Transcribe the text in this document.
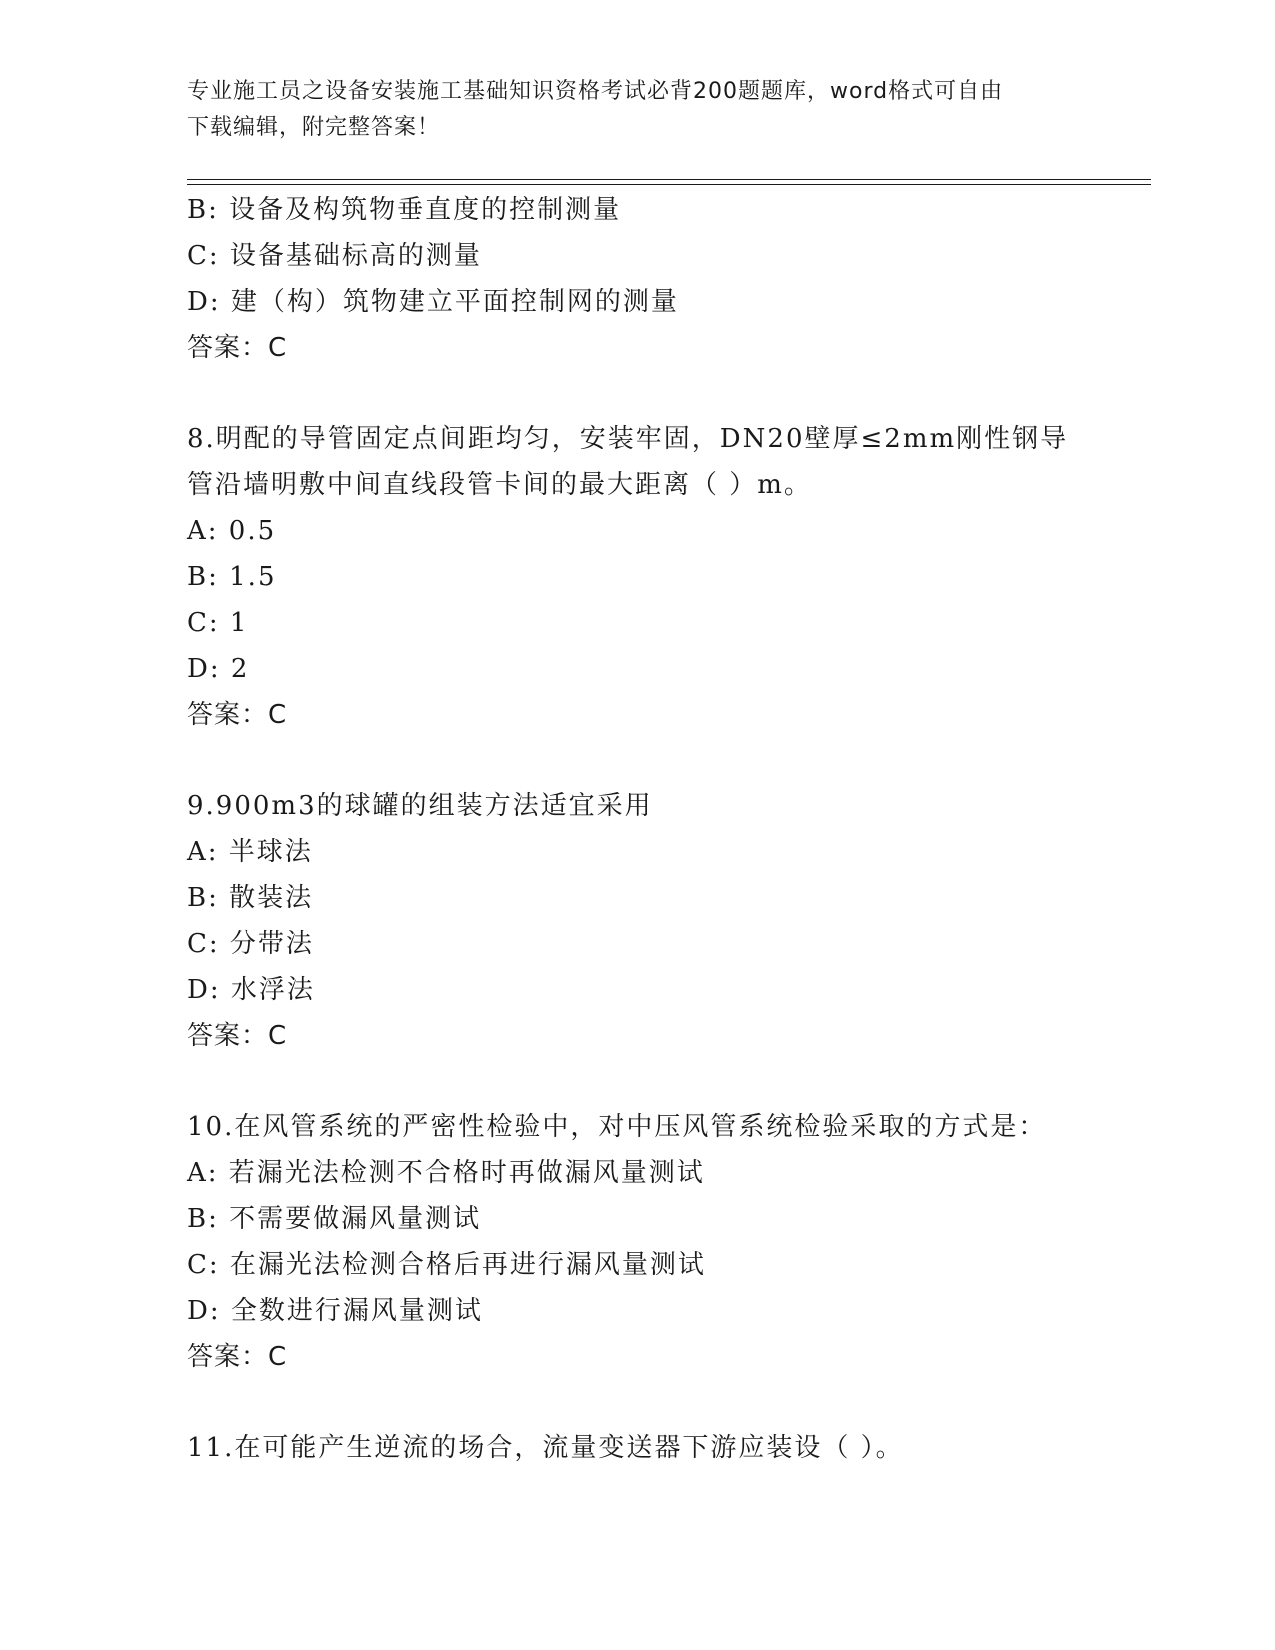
专业施工员之设备安装施工基础知识资格考试必背200题题库，word格式可自由
下载编辑，附完整答案！
B: 设备及构筑物垂直度的控制测量
C: 设备基础标高的测量
D: 建（构）筑物建立平面控制网的测量
答案：C
8.明配的导管固定点间距均匀，安装牢固，DN20壁厚≤2mm刚性钢导
管沿墙明敷中间直线段管卡间的最大距离（ ）m。
A: 0.5
B: 1.5
C: 1
D: 2
答案：C
9.900m3的球罐的组装方法适宜采用
A: 半球法
B: 散装法
C: 分带法
D: 水浮法
答案：C
10.在风管系统的严密性检验中，对中压风管系统检验采取的方式是：
A: 若漏光法检测不合格时再做漏风量测试
B: 不需要做漏风量测试
C: 在漏光法检测合格后再进行漏风量测试
D: 全数进行漏风量测试
答案：C
11.在可能产生逆流的场合，流量变送器下游应装设（ ）。
